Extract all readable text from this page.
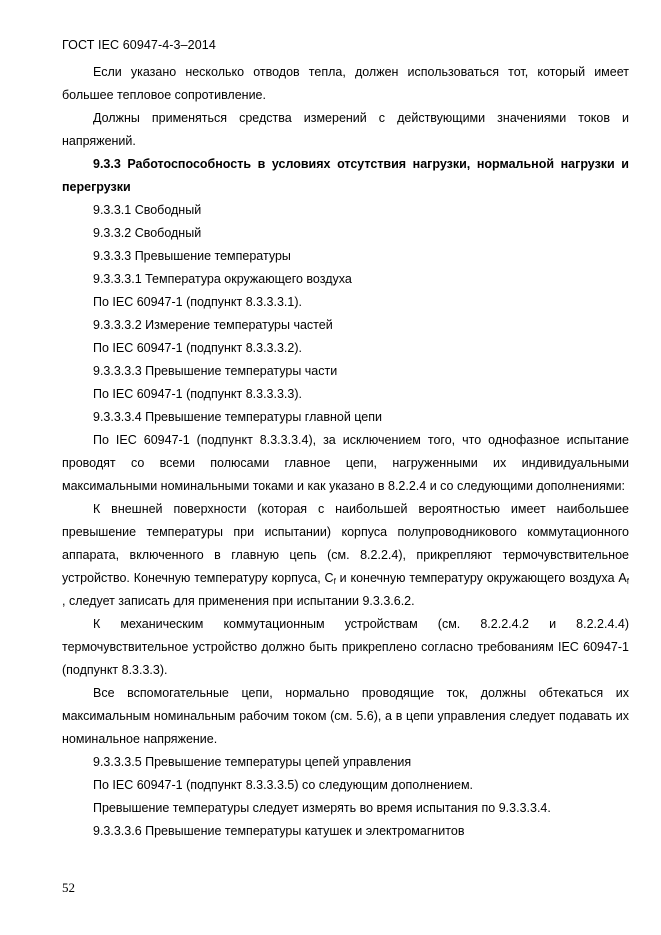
ГОСТ IEC 60947-4-3–2014

Если указано несколько отводов тепла, должен использоваться тот, который имеет большее тепловое сопротивление.

Должны применяться средства измерений с действующими значениями токов и напряжений.

9.3.3 Работоспособность в условиях отсутствия нагрузки, нормальной нагрузки и перегрузки

9.3.3.1 Свободный

9.3.3.2 Свободный

9.3.3.3 Превышение температуры

9.3.3.3.1 Температура окружающего воздуха

По IEC 60947-1 (подпункт 8.3.3.3.1).

9.3.3.3.2 Измерение температуры частей

По IEC 60947-1 (подпункт 8.3.3.3.2).

9.3.3.3.3 Превышение температуры части

По IEC 60947-1 (подпункт 8.3.3.3.3).

9.3.3.3.4 Превышение температуры главной цепи

По IEC 60947-1 (подпункт 8.3.3.3.4), за исключением того, что однофазное испытание проводят со всеми полюсами главное цепи, нагруженными их индивидуальными максимальными номинальными токами и как указано в 8.2.2.4 и со следующими дополнениями:

К внешней поверхности (которая с наибольшей вероятностью имеет наибольшее превышение температуры при испытании) корпуса полупроводникового коммутационного аппарата, включенного в главную цепь (см. 8.2.2.4), прикрепляют термочувствительное устройство. Конечную температуру корпуса, $C_f$ и конечную температуру окружающего воздуха $A_f$ , следует записать для применения при испытании 9.3.3.6.2.

К механическим коммутационным устройствам (см. 8.2.2.4.2 и 8.2.2.4.4) термочувствительное устройство должно быть прикреплено согласно требованиям IEC 60947-1 (подпункт 8.3.3.3).

Все вспомогательные цепи, нормально проводящие ток, должны обтекаться их максимальным номинальным рабочим током (см. 5.6), а в цепи управления следует подавать их номинальное напряжение.

9.3.3.3.5 Превышение температуры цепей управления

По IEC 60947-1 (подпункт 8.3.3.3.5) со следующим дополнением.

Превышение температуры следует измерять во время испытания по 9.3.3.3.4.

9.3.3.3.6 Превышение температуры катушек и электромагнитов

52
